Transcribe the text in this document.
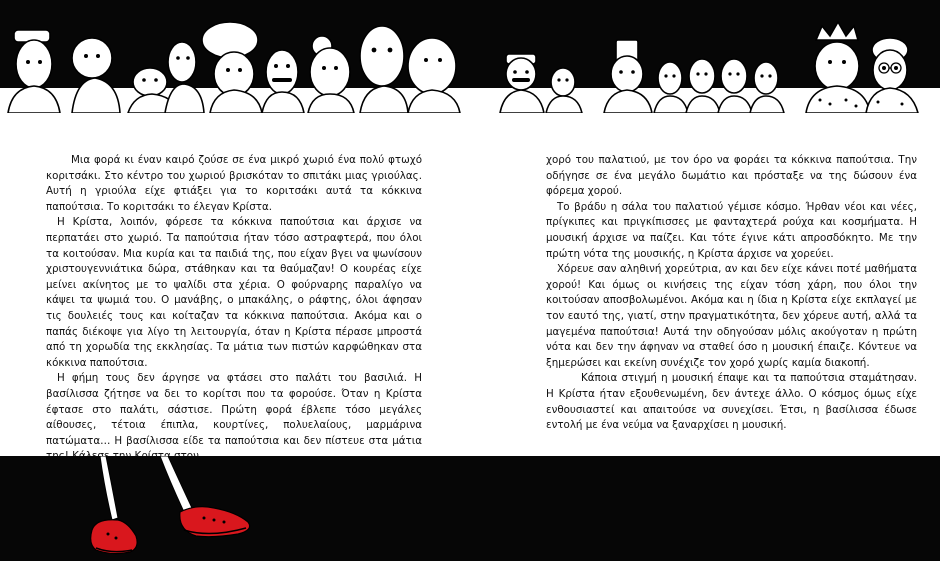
Μια φορά κι έναν καιρό ζούσε σε ένα μικρό χωριό ένα πολύ φτωχό κοριτσάκι. Στο κέντρο του χωριού βρισκόταν το σπιτάκι μιας γριούλας. Αυτή η γριούλα είχε φτιάξει για το κοριτσάκι αυτά τα κόκκινα παπούτσια. Το κοριτσάκι το έλεγαν Κρίστα.

Η Κρίστα, λοιπόν, φόρεσε τα κόκκινα παπούτσια και άρχισε να περπατάει στο χωριό. Τα παπούτσια ήταν τόσο αστραφτερά, που όλοι τα κοιτούσαν. Μια κυρία και τα παιδιά της, που είχαν βγει να ψωνίσουν χριστουγεννιάτικα δώρα, στάθηκαν και τα θαύμαζαν! Ο κουρέας είχε μείνει ακίνητος με το ψαλίδι στα χέρια. Ο φούρναρης παραλίγο να κάψει τα ψωμιά του. Ο μανάβης, ο μπακάλης, ο ράφτης, όλοι άφησαν τις δουλειές τους και κοίταζαν τα κόκκινα παπούτσια. Ακόμα και ο παπάς διέκοψε για λίγο τη λειτουργία, όταν η Κρίστα πέρασε μπροστά από τη χορωδία της εκκλησίας. Τα μάτια των πιστών καρφώθηκαν στα κόκκινα παπούτσια.

Η φήμη τους δεν άργησε να φτάσει στο παλάτι του βασιλιά. Η βασίλισσα ζήτησε να δει το κορίτσι που τα φορούσε. Όταν η Κρίστα έφτασε στο παλάτι, σάστισε. Πρώτη φορά έβλεπε τόσο μεγάλες αίθουσες, τέτοια έπιπλα, κουρτίνες, πολυελαίους, μαρμάρινα πατώματα… Η βασίλισσα είδε τα παπούτσια και δεν πίστευε στα μάτια

χορό του παλατιού, με τον όρο να φοράει τα κόκκινα παπούτσια. Την οδήγησε σε ένα μεγάλο δωμάτιο και πρόσταξε να της δώσουν ένα φόρεμα χορού.

Το βράδυ η σάλα του παλατιού γέμισε κόσμο. Ήρθαν νέοι και νέες, πρίγκιπες και πριγκίπισσες με φανταχτερά ρούχα και κοσμήματα. Η μουσική άρχισε να παίζει. Και τότε έγινε κάτι απροσδόκητο. Με την πρώτη νότα της μουσικής, η Κρίστα άρχισε να χορεύει.

Χόρευε σαν αληθινή χορεύτρια, αν και δεν είχε κάνει ποτέ μαθήματα χορού! Και όμως οι κινήσεις της είχαν τόση χάρη, που όλοι την κοιτούσαν αποσβολωμένοι. Ακόμα και η ίδια η Κρίστα είχε εκπλαγεί με τον εαυτό της, γιατί, στην πραγματικότητα, δεν χόρευε αυτή, αλλά τα μαγεμένα παπούτσια! Αυτά την οδηγούσαν μόλις ακούγοταν η πρώτη νότα και δεν την άφηναν να σταθεί όσο η μουσική έπαιζε. Κόντευε να ξημερώσει και εκείνη συνέχιζε τον χορό χωρίς καμία διακοπή.

Κάποια στιγμή η μουσική έπαψε και τα παπούτσια σταμάτησαν. Η Κρίστα ήταν εξουθενωμένη, δεν άντεχε άλλο. Ο κόσμος όμως είχε ενθουσιαστεί και απαιτούσε να συνεχίσει. Έτσι, η βασίλισσα έδωσε εντολή με ένα νεύμα να ξαναρχίσει η μουσική.
